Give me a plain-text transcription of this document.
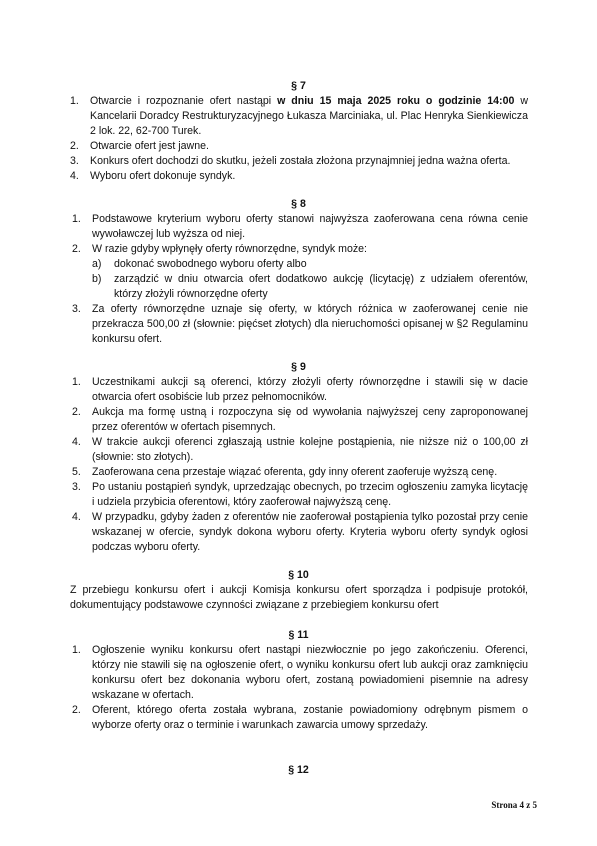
§ 7
1. Otwarcie i rozpoznanie ofert nastąpi w dniu 15 maja 2025 roku o godzinie 14:00 w Kancelarii Doradcy Restrukturyzacyjnego Łukasza Marciniaka, ul. Plac Henryka Sienkiewicza 2 lok. 22, 62-700 Turek.
2. Otwarcie ofert jest jawne.
3. Konkurs ofert dochodzi do skutku, jeżeli została złożona przynajmniej jedna ważna oferta.
4. Wyboru ofert dokonuje syndyk.
§ 8
1. Podstawowe kryterium wyboru oferty stanowi najwyższa zaoferowana cena równa cenie wywoławczej lub wyższa od niej.
2. W razie gdyby wpłynęły oferty równorzędne, syndyk może:
a) dokonać swobodnego wyboru oferty albo
b) zarządzić w dniu otwarcia ofert dodatkowo aukcję (licytację) z udziałem oferentów, którzy złożyli równorzędne oferty
3. Za oferty równorzędne uznaje się oferty, w których różnica w zaoferowanej cenie nie przekracza 500,00 zł (słownie: pięćset złotych) dla nieruchomości opisanej w §2 Regulaminu konkursu ofert.
§ 9
1. Uczestnikami aukcji są oferenci, którzy złożyli oferty równorzędne i stawili się w dacie otwarcia ofert osobiście lub przez pełnomocników.
2. Aukcja ma formę ustną i rozpoczyna się od wywołania najwyższej ceny zaproponowanej przez oferentów w ofertach pisemnych.
4. W trakcie aukcji oferenci zgłaszają ustnie kolejne postąpienia, nie niższe niż o 100,00 zł (słownie: sto złotych).
5. Zaoferowana cena przestaje wiązać oferenta, gdy inny oferent zaoferuje wyższą cenę.
3. Po ustaniu postąpień syndyk, uprzedzając obecnych, po trzecim ogłoszeniu zamyka licytację i udziela przybicia oferentowi, który zaoferował najwyższą cenę.
4. W przypadku, gdyby żaden z oferentów nie zaoferował postąpienia tylko pozostał przy cenie wskazanej w ofercie, syndyk dokona wyboru oferty. Kryteria wyboru oferty syndyk ogłosi podczas wyboru oferty.
§ 10
Z przebiegu konkursu ofert i aukcji Komisja konkursu ofert sporządza i podpisuje protokół, dokumentujący podstawowe czynności związane z przebiegiem konkursu ofert
§ 11
1. Ogłoszenie wyniku konkursu ofert nastąpi niezwłocznie po jego zakończeniu. Oferenci, którzy nie stawili się na ogłoszenie ofert, o wyniku konkursu ofert lub aukcji oraz zamknięciu konkursu ofert bez dokonania wyboru ofert, zostaną powiadomieni pisemnie na adresy wskazane w ofertach.
2. Oferent, którego oferta została wybrana, zostanie powiadomiony odrębnym pismem o wyborze oferty oraz o terminie i warunkach zawarcia umowy sprzedaży.
§ 12
Strona 4 z 5
